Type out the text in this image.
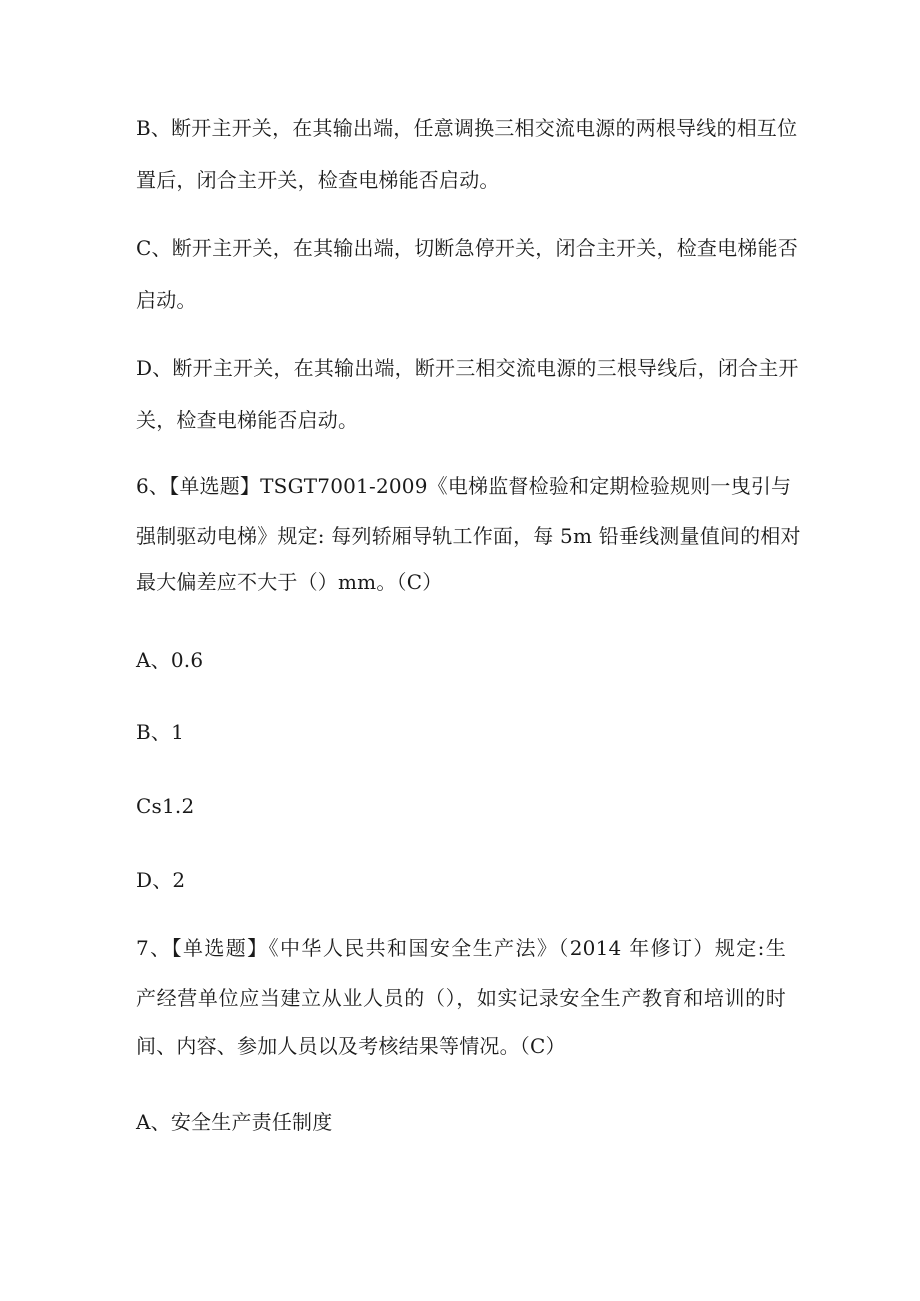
B、断开主开关，在其输出端，任意调换三相交流电源的两根导线的相互位
置后，闭合主开关，检查电梯能否启动。
C、断开主开关，在其输出端，切断急停开关，闭合主开关，检查电梯能否
启动。
D、断开主开关，在其输出端，断开三相交流电源的三根导线后，闭合主开
关，检查电梯能否启动。
6、【单选题】TSGT7001-2009《电梯监督检验和定期检验规则一曳引与
强制驱动电梯》规定: 每列轿厢导轨工作面，每 5m 铅垂线测量值间的相对
最大偏差应不大于（）mm。（C）
A、0.6
B、1
Cs1.2
D、2
7、【单选题】《中华人民共和国安全生产法》（2014 年修订）规定:生
产经营单位应当建立从业人员的（），如实记录安全生产教育和培训的时
间、内容、参加人员以及考核结果等情况。（C）
A、安全生产责任制度
